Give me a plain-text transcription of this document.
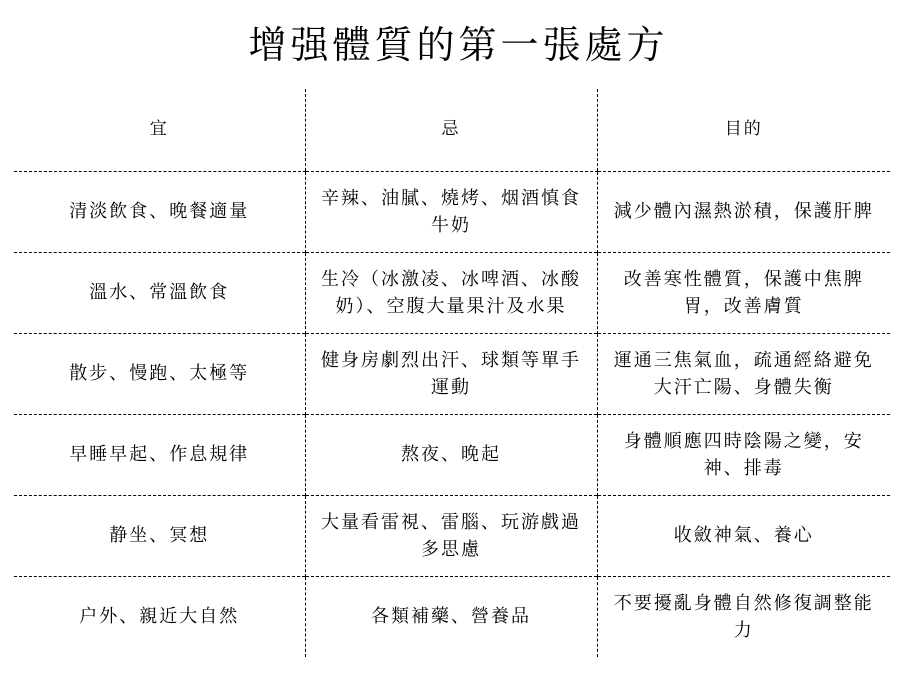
增强體質的第一張處方
宜	忌	目的
清淡飲食、晚餐適量	辛辣、油膩、燒烤、烟酒慎食牛奶	減少體內濕熱淤積，保護肝脾
溫水、常溫飲食	生冷（冰激凌、冰啤酒、冰酸奶）、空腹大量果汁及水果	改善寒性體質，保護中焦脾胃，改善膚質
散步、慢跑、太極等	健身房劇烈出汗、球類等單手運動	運通三焦氣血，疏通經絡避免大汗亡陽、身體失衡
早睡早起、作息規律	熬夜、晚起	身體順應四時陰陽之變，安神、排毒
静坐、冥想	大量看雷視、雷腦、玩游戲過多思慮	收斂神氣、養心
户外、親近大自然	各類補藥、營養品	不要擾亂身體自然修復調整能力
